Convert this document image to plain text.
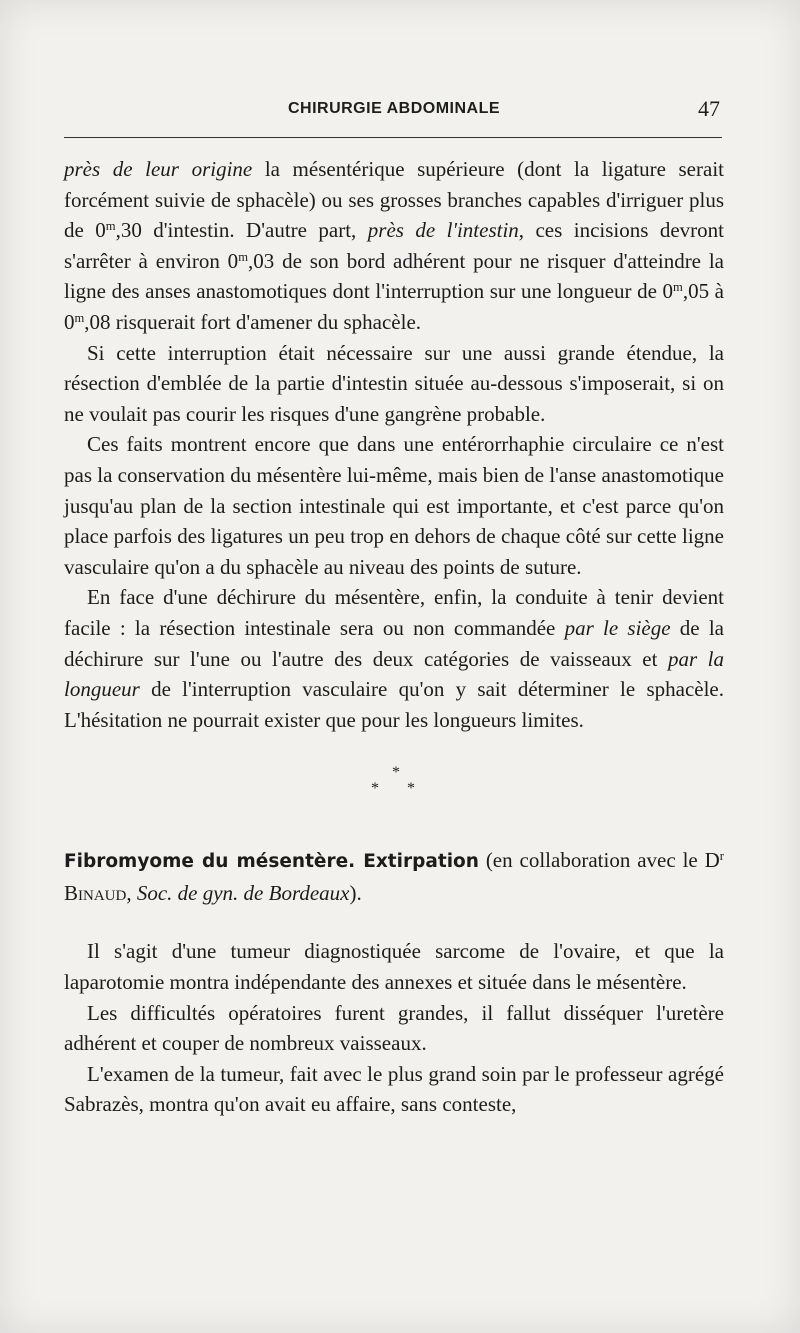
CHIRURGIE ABDOMINALE	47

près de leur origine la mésentérique supérieure (dont la ligature serait forcément suivie de sphacèle) ou ses grosses branches capables d'irriguer plus de 0$^m$,30 d'intestin. D'autre part, près de l'intestin, ces incisions devront s'arrêter à environ 0$^m$,03 de son bord adhérent pour ne risquer d'atteindre la ligne des anses anastomotiques dont l'interruption sur une longueur de 0$^m$,05 à 0$^m$,08 risquerait fort d'amener du sphacèle.

Si cette interruption était nécessaire sur une aussi grande étendue, la résection d'emblée de la partie d'intestin située au-dessous s'imposerait, si on ne voulait pas courir les risques d'une gangrène probable.

Ces faits montrent encore que dans une entérorrhaphie circulaire ce n'est pas la conservation du mésentère lui-même, mais bien de l'anse anastomotique jusqu'au plan de la section intestinale qui est importante, et c'est parce qu'on place parfois des ligatures un peu trop en dehors de chaque côté sur cette ligne vasculaire qu'on a du sphacèle au niveau des points de suture.

En face d'une déchirure du mésentère, enfin, la conduite à tenir devient facile : la résection intestinale sera ou non commandée par le siège de la déchirure sur l'une ou l'autre des deux catégories de vaisseaux et par la longueur de l'interruption vasculaire qu'on y sait déterminer le sphacèle. L'hésitation ne pourrait exister que pour les longueurs limites.

*
* *

Fibromyome du mésentère. Extirpation (en collaboration avec le $D^r$ Binaud, Soc. de gyn. de Bordeaux).

Il s'agit d'une tumeur diagnostiquée sarcome de l'ovaire, et que la laparotomie montra indépendante des annexes et située dans le mésentère.

Les difficultés opératoires furent grandes, il fallut disséquer l'uretère adhérent et couper de nombreux vaisseaux.

L'examen de la tumeur, fait avec le plus grand soin par le professeur agrégé Sabrazès, montra qu'on avait eu affaire, sans conteste,
